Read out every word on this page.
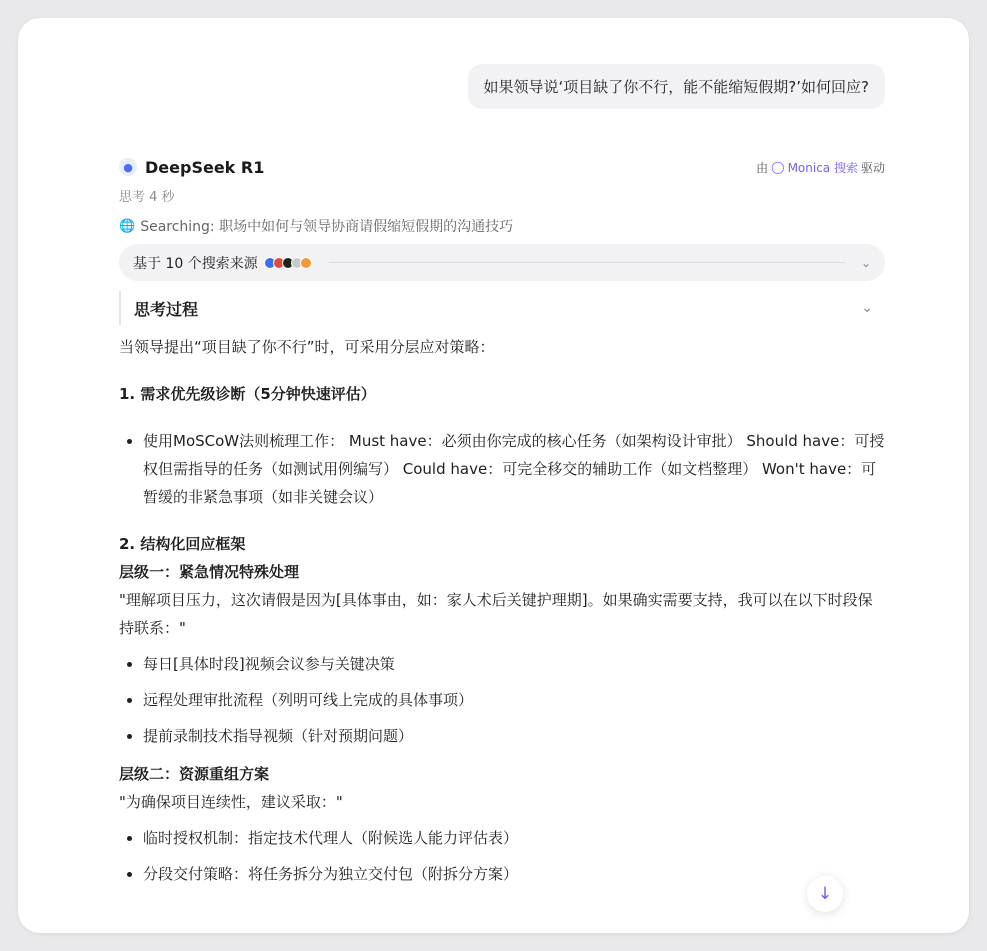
如果领导说‘项目缺了你不行，能不能缩短假期?’如何回应?
● DeepSeek R1	由 ◯ Monica 搜索 驱动
思考 4 秒
🌐 Searching: 职场中如何与领导协商请假缩短假期的沟通技巧
基于 10 个搜索来源	⌄
思考过程	⌄
当领导提出“项目缺了你不行”时，可采用分层应对策略：
1. 需求优先级诊断（5分钟快速评估）
• 使用MoSCoW法则梳理工作： Must have：必须由你完成的核心任务（如架构设计审批） Should have：可授权但需指导的任务（如测试用例编写） Could have：可完全移交的辅助工作（如文档整理） Won't have：可暂缓的非紧急事项（如非关键会议）
2. 结构化回应框架
层级一：紧急情况特殊处理
"理解项目压力，这次请假是因为[具体事由，如：家人术后关键护理期]。如果确实需要支持，我可以在以下时段保持联系："
• 每日[具体时段]视频会议参与关键决策
• 远程处理审批流程（列明可线上完成的具体事项）
• 提前录制技术指导视频（针对预期问题）
层级二：资源重组方案
"为确保项目连续性，建议采取："
• 临时授权机制：指定技术代理人（附候选人能力评估表）
• 分段交付策略：将任务拆分为独立交付包（附拆分方案）
↓
